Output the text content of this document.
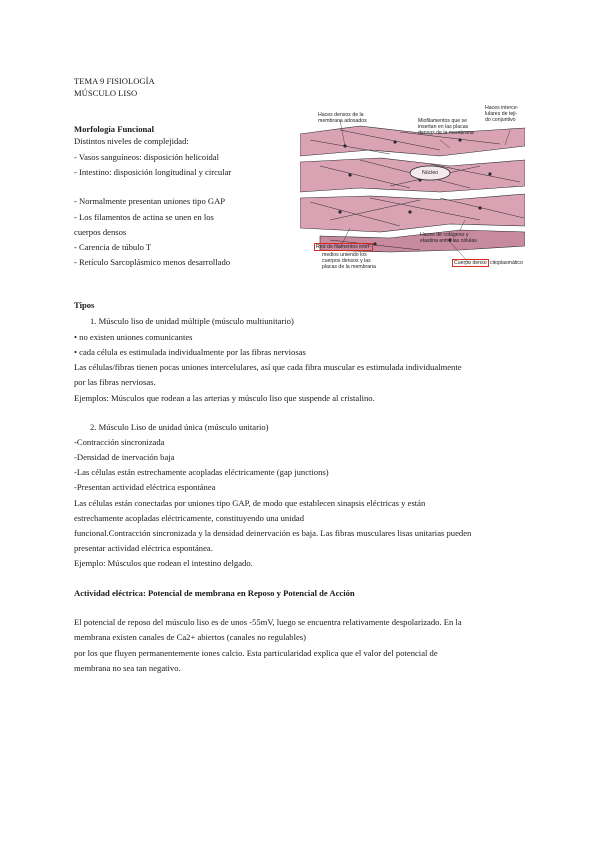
TEMA 9 FISIOLOGÍA
MÚSCULO LISO
Morfología Funcional
Distintos niveles de complejidad:
- Vasos sanguíneos: disposición helicoidal
- Intestino: disposición longitudinal y circular
- Normalmente presentan uniones tipo GAP
- Los filamentos de actina se unen en los
cuerpos densos
- Carencia de túbulo T
- Retículo Sarcoplásmico menos desarrollado
Haces densos de la
membrana adosados	Miofilamentos que se
insertan en las placas
densas de la membrana
Haces interce-
lulares de teji-
do conjuntivo
Núcleo
Red de filamentos inter-
medios uniendo los
cuerpos densos y las
placas de la membrana
Haces de colágeno y
elastina entre las células
Cuerpo denso citoplasmático
Tipos
1. Músculo liso de unidad múltiple (músculo multiunitario)
• no existen uniones comunicantes
• cada célula es estimulada individualmente por las fibras nerviosas
Las células/fibras tienen pocas uniones intercelulares, así que cada fibra muscular es estimulada individualmente
por las fibras nerviosas.
Ejemplos: Músculos que rodean a las arterias y músculo liso que suspende al cristalino.
2. Músculo Liso de unidad única (músculo unitario)
-Contracción sincronizada
-Densidad de inervación baja
-Las células están estrechamente acopladas eléctricamente (gap junctions)
-Presentan actividad eléctrica espontánea
Las células están conectadas por uniones tipo GAP, de modo que establecen sinapsis eléctricas y están
estrechamente acopladas eléctricamente, constituyendo una unidad
funcional.Contracción sincronizada y la densidad deinervación es baja. Las fibras musculares lisas unitarias pueden
presentar actividad eléctrica espontánea.
Ejemplo: Músculos que rodean el intestino delgado.
Actividad eléctrica: Potencial de membrana en Reposo y Potencial de Acción
El potencial de reposo del músculo liso es de unos -55mV, luego se encuentra relativamente despolarizado. En la
membrana existen canales de Ca2+ abiertos (canales no regulables)
por los que fluyen permanentemente iones calcio. Esta particularidad explica que el valor del potencial de
membrana no sea tan negativo.
